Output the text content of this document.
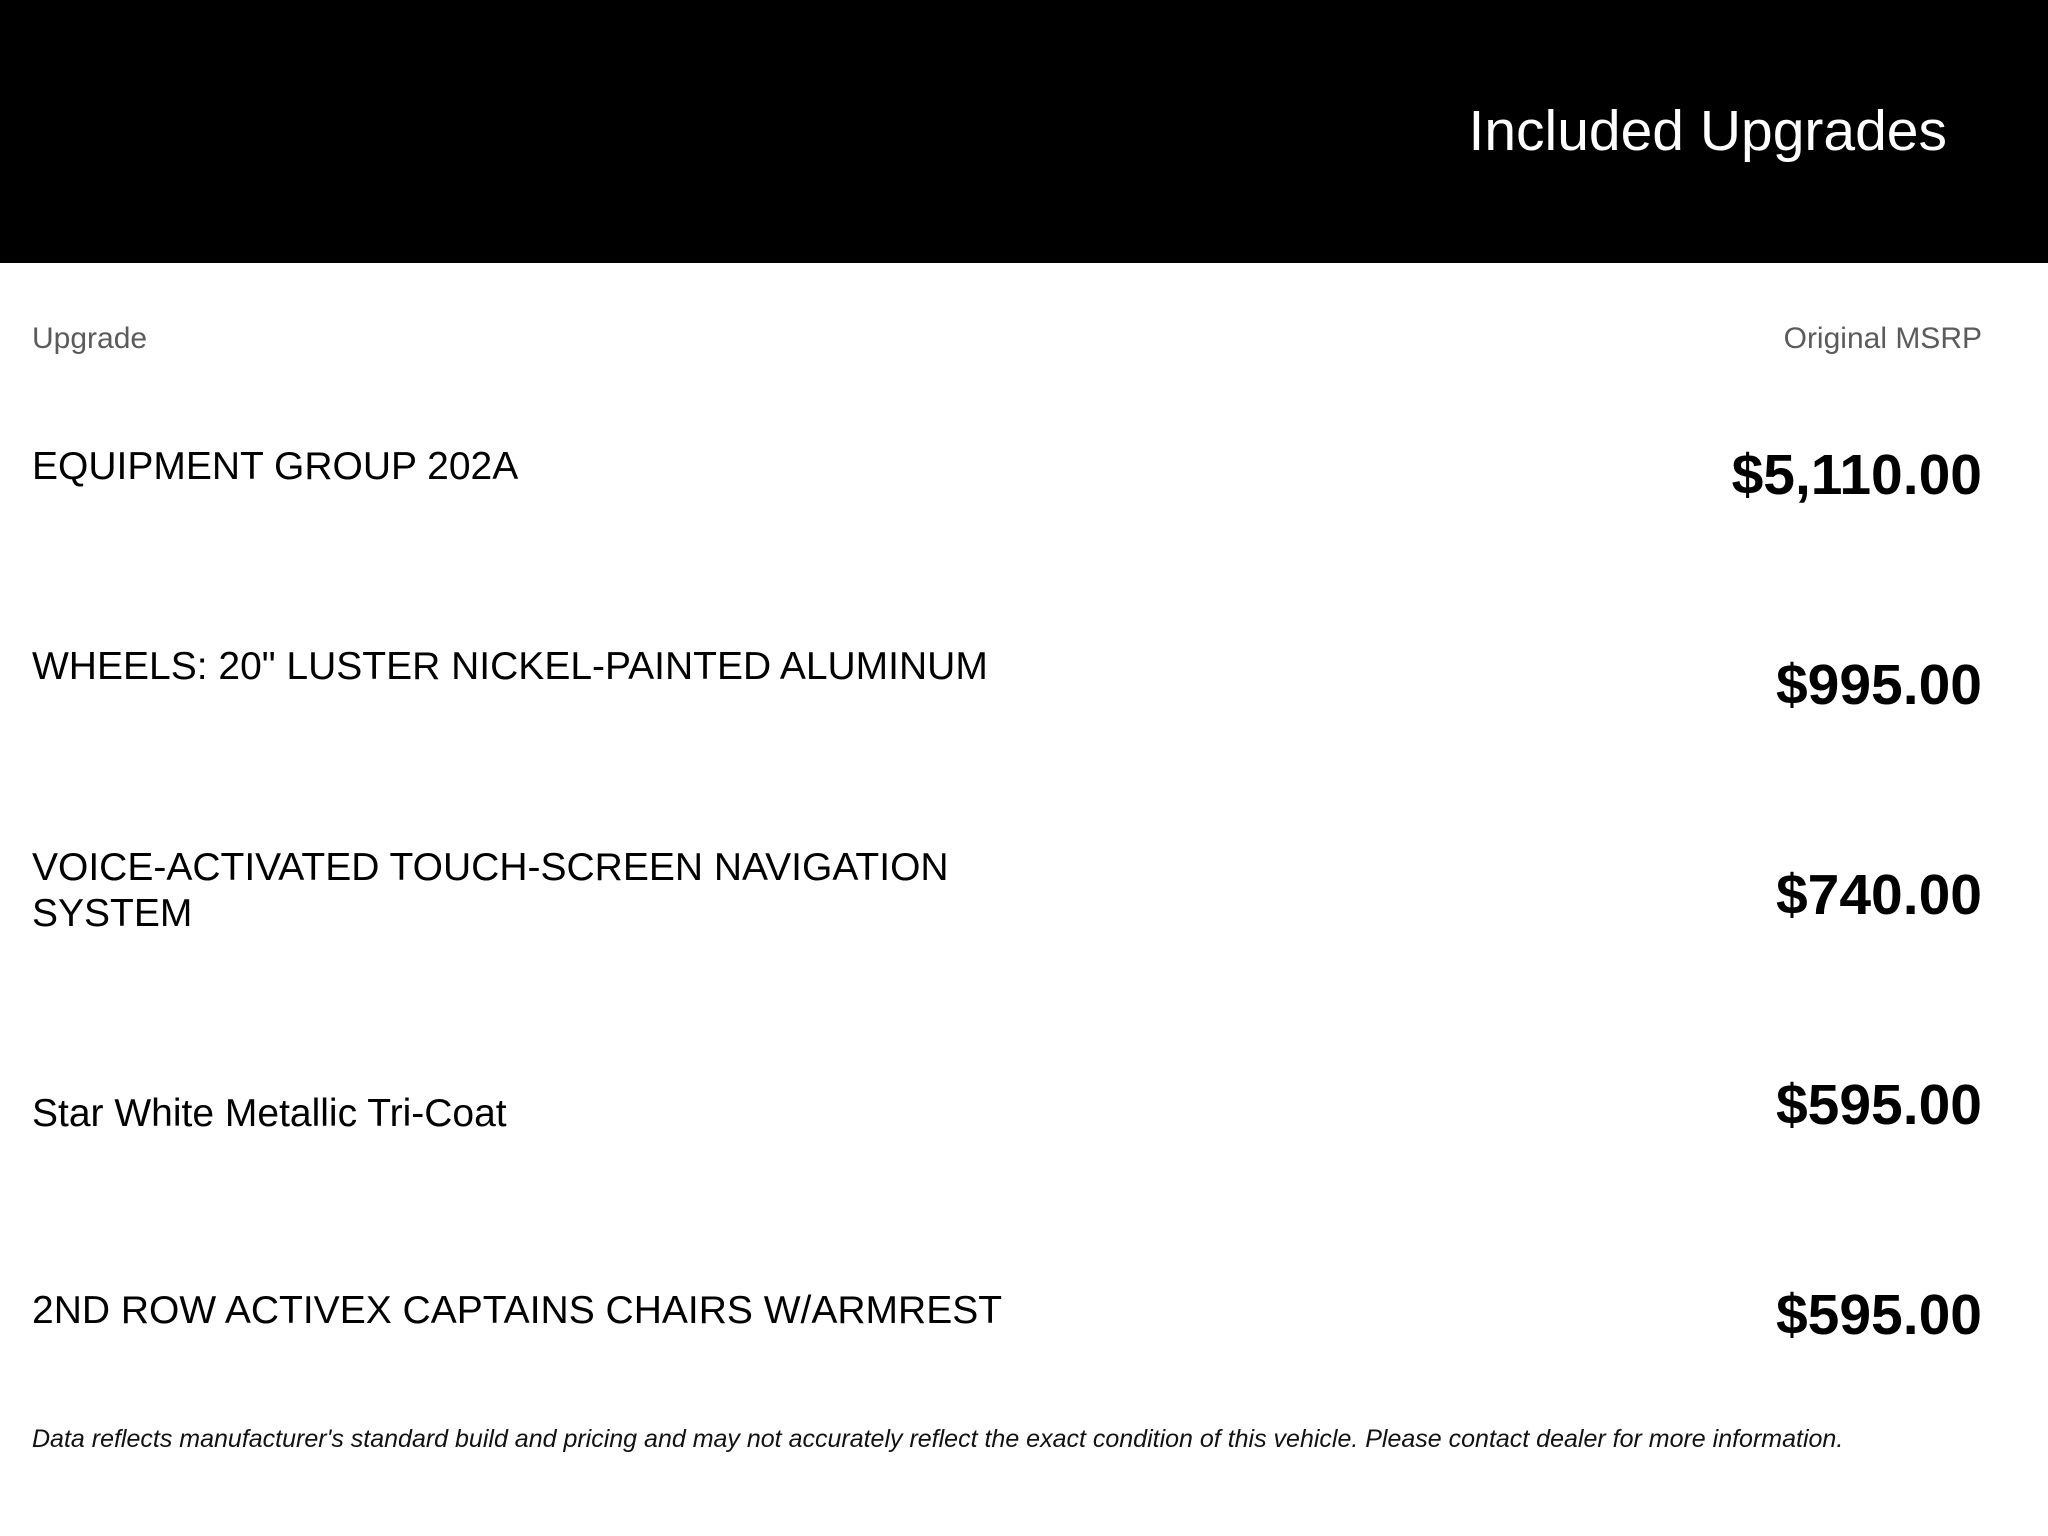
Included Upgrades
Upgrade	Original MSRP
EQUIPMENT GROUP 202A	$5,110.00
WHEELS: 20" LUSTER NICKEL-PAINTED ALUMINUM	$995.00
VOICE-ACTIVATED TOUCH-SCREEN NAVIGATION SYSTEM	$740.00
Star White Metallic Tri-Coat	$595.00
2ND ROW ACTIVEX CAPTAINS CHAIRS W/ARMREST	$595.00
Data reflects manufacturer's standard build and pricing and may not accurately reflect the exact condition of this vehicle. Please contact dealer for more information.
